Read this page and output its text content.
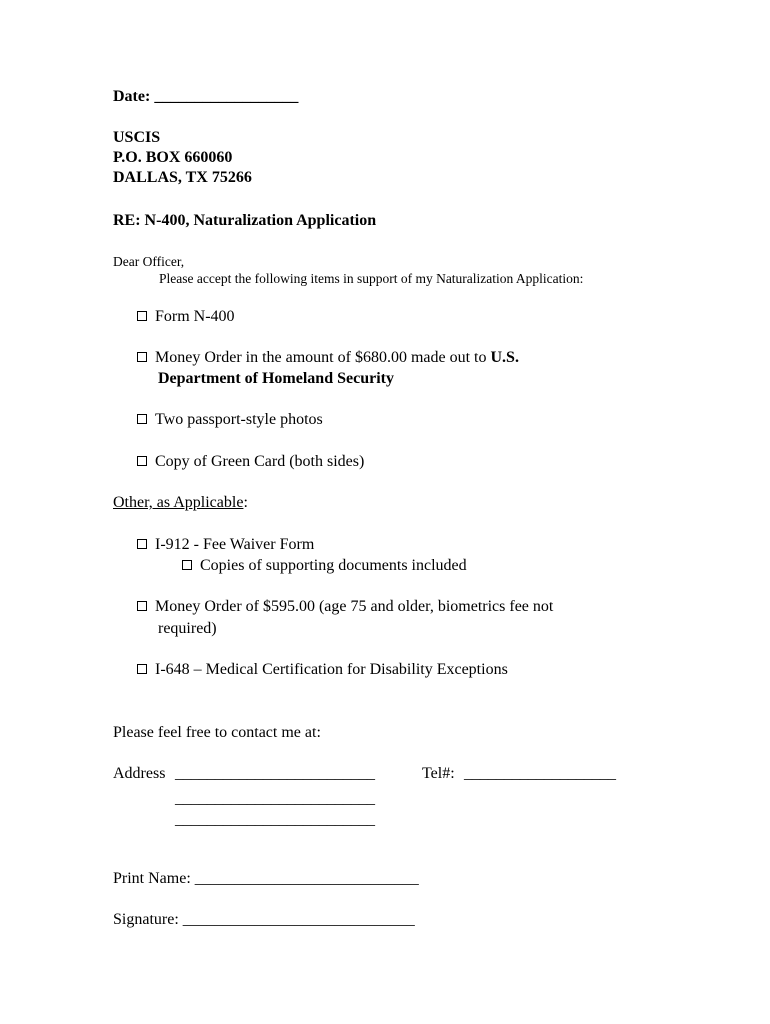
Date: __________________
USCIS
P.O. BOX 660060
DALLAS, TX 75266
RE: N-400, Naturalization Application
Dear Officer,
Please accept the following items in support of my Naturalization Application:
Form N-400
Money Order in the amount of $680.00 made out to U.S.
Department of Homeland Security
Two passport-style photos
Copy of Green Card (both sides)
Other, as Applicable:
I-912 - Fee Waiver Form
Copies of supporting documents included
Money Order of $595.00 (age 75 and older, biometrics fee not
required)
I-648 – Medical Certification for Disability Exceptions
Please feel free to contact me at:
Address _________________________
_________________________
_________________________
Tel#: ___________________
Print Name: ____________________________
Signature: _____________________________
